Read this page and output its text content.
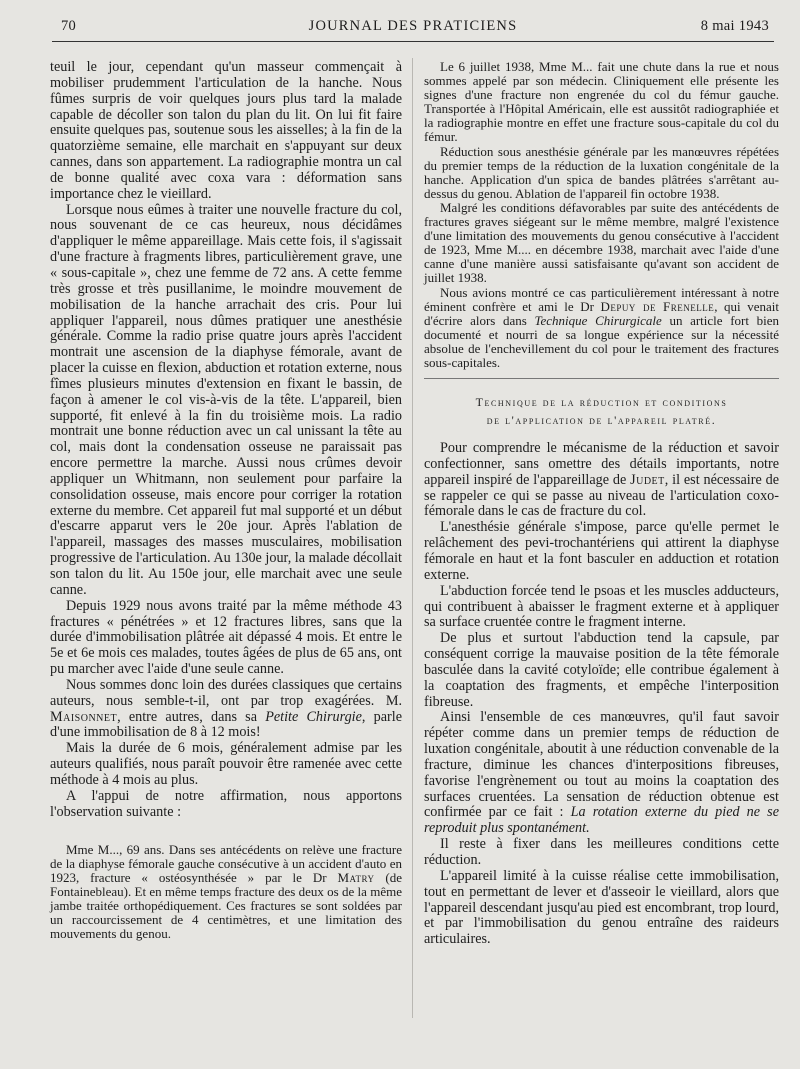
70	JOURNAL DES PRATICIENS	8 mai 1943

teuil le jour, cependant qu'un masseur commençait à mobiliser prudemment l'articulation de la hanche. Nous fûmes surpris de voir quelques jours plus tard la malade capable de décoller son talon du plan du lit. On lui fit faire ensuite quelques pas, soutenue sous les aisselles; à la fin de la quatorzième semaine, elle marchait en s'appuyant sur deux cannes, dans son appartement. La radiographie montra un cal de bonne qualité avec coxa vara : déformation sans importance chez le vieillard.

Lorsque nous eûmes à traiter une nouvelle fracture du col, nous souvenant de ce cas heureux, nous décidâmes d'appliquer le même appareillage. Mais cette fois, il s'agissait d'une fracture à fragments libres, particulièrement grave, une « sous-capitale », chez une femme de 72 ans. A cette femme très grosse et très pusillanime, le moindre mouvement de mobilisation de la hanche arrachait des cris. Pour lui appliquer l'appareil, nous dûmes pratiquer une anesthésie générale. Comme la radio prise quatre jours après l'accident montrait une ascension de la diaphyse fémorale, avant de placer la cuisse en flexion, abduction et rotation externe, nous fîmes plusieurs minutes d'extension en fixant le bassin, de façon à amener le col vis-à-vis de la tête. L'appareil, bien supporté, fit enlevé à la fin du troisième mois. La radio montrait une bonne réduction avec un cal unissant la tête au col, mais dont la condensation osseuse ne paraissait pas encore permettre la marche. Aussi nous crûmes devoir appliquer un Whitmann, non seulement pour parfaire la consolidation osseuse, mais encore pour corriger la rotation externe du membre. Cet appareil fut mal supporté et un début d'escarre apparut vers le 20e jour. Après l'ablation de l'appareil, massages des masses musculaires, mobilisation progressive de l'articulation. Au 130e jour, la malade décollait son talon du lit. Au 150e jour, elle marchait avec une seule canne.

Depuis 1929 nous avons traité par la même méthode 43 fractures « pénétrées » et 12 fractures libres, sans que la durée d'immobilisation plâtrée ait dépassé 4 mois. Et entre le 5e et 6e mois ces malades, toutes âgées de plus de 65 ans, ont pu marcher avec l'aide d'une seule canne.

Nous sommes donc loin des durées classiques que certains auteurs, nous semble-t-il, ont par trop exagérées. M. Maisonnet, entre autres, dans sa Petite Chirurgie, parle d'une immobilisation de 8 à 12 mois!

Mais la durée de 6 mois, généralement admise par les auteurs qualifiés, nous paraît pouvoir être ramenée avec cette méthode à 4 mois au plus.

A l'appui de notre affirmation, nous apportons l'observation suivante :

Mme M..., 69 ans. Dans ses antécédents on relève une fracture de la diaphyse fémorale gauche consécutive à un accident d'auto en 1923, fracture « ostéosynthésée » par le Dr Matry (de Fontainebleau). Et en même temps fracture des deux os de la même jambe traitée orthopédiquement. Ces fractures se sont soldées par un raccourcissement de 4 centimètres, et une limitation des mouvements du genou.

Le 6 juillet 1938, Mme M... fait une chute dans la rue et nous sommes appelé par son médecin. Cliniquement elle présente les signes d'une fracture non engrenée du col du fémur gauche. Transportée à l'Hôpital Américain, elle est aussitôt radiographiée et la radiographie montre en effet une fracture sous-capitale du col du fémur.

Réduction sous anesthésie générale par les manœuvres répétées du premier temps de la réduction de la luxation congénitale de la hanche. Application d'un spica de bandes plâtrées s'arrêtant au-dessus du genou. Ablation de l'appareil fin octobre 1938.

Malgré les conditions défavorables par suite des antécédents de fractures graves siégeant sur le même membre, malgré l'existence d'une limitation des mouvements du genou consécutive à l'accident de 1923, Mme M.... en décembre 1938, marchait avec l'aide d'une canne d'une manière aussi satisfaisante qu'avant son accident de juillet 1938.

Nous avions montré ce cas particulièrement intéressant à notre éminent confrère et ami le Dr Depuy de Frenelle, qui venait d'écrire alors dans Technique Chirurgicale un article fort bien documenté et nourri de sa longue expérience sur la nécessité absolue de l'enchevillement du col pour le traitement des fractures sous-capitales.

Technique de la réduction et conditions
de l'application de l'appareil platré.

Pour comprendre le mécanisme de la réduction et savoir confectionner, sans omettre des détails importants, notre appareil inspiré de l'appareillage de Judet, il est nécessaire de se rappeler ce qui se passe au niveau de l'articulation coxo-fémorale dans le cas de fracture du col.

L'anesthésie générale s'impose, parce qu'elle permet le relâchement des pevi-trochantériens qui attirent la diaphyse fémorale en haut et la font basculer en adduction et rotation externe.

L'abduction forcée tend le psoas et les muscles adducteurs, qui contribuent à abaisser le fragment externe et à appliquer sa surface cruentée contre le fragment interne.

De plus et surtout l'abduction tend la capsule, par conséquent corrige la mauvaise position de la tête fémorale basculée dans la cavité cotyloïde; elle contribue également à la coaptation des fragments, et empêche l'interposition fibreuse.

Ainsi l'ensemble de ces manœuvres, qu'il faut savoir répéter comme dans un premier temps de réduction de luxation congénitale, aboutit à une réduction convenable de la fracture, diminue les chances d'interpositions fibreuses, favorise l'engrènement ou tout au moins la coaptation des surfaces cruentées. La sensation de réduction obtenue est confirmée par ce fait : La rotation externe du pied ne se reproduit plus spontanément.

Il reste à fixer dans les meilleures conditions cette réduction.

L'appareil limité à la cuisse réalise cette immobilisation, tout en permettant de lever et d'asseoir le vieillard, alors que l'appareil descendant jusqu'au pied est encombrant, trop lourd, et par l'immobilisation du genou entraîne des raideurs articulaires.
